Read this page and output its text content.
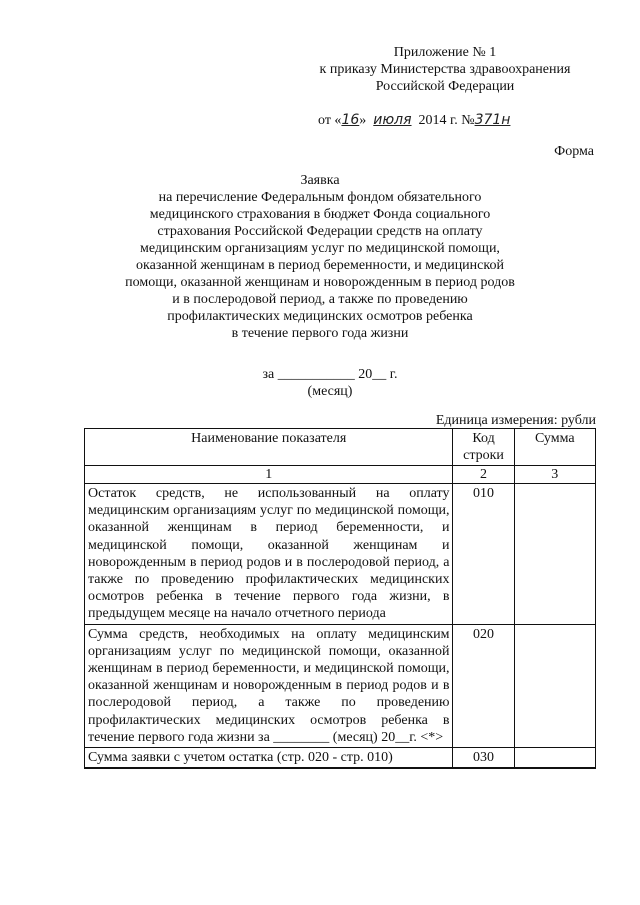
Приложение № 1
к приказу Министерства здравоохранения
Российской Федерации
от «16» июля 2014 г. №371н
Форма
Заявка
на перечисление Федеральным фондом обязательного
медицинского страхования в бюджет Фонда социального
страхования Российской Федерации средств на оплату
медицинским организациям услуг по медицинской помощи,
оказанной женщинам в период беременности, и медицинской
помощи, оказанной женщинам и новорожденным в период родов
и в послеродовой период, а также по проведению
профилактических медицинских осмотров ребенка
в течение первого года жизни
за ___________ 20__ г.
(месяц)
Единица измерения: рубли
Наименование показателя	Код строки	Сумма
1	2	3
Остаток средств, не использованный на оплату медицинским организациям услуг по медицинской помощи, оказанной женщинам в период беременности, и медицинской помощи, оказанной женщинам и новорожденным в период родов и в послеродовой период, а также по проведению профилактических медицинских осмотров ребенка в течение первого года жизни, в предыдущем месяце на начало отчетного периода	010	
Сумма средств, необходимых на оплату медицинским организациям услуг по медицинской помощи, оказанной женщинам в период беременности, и медицинской помощи, оказанной женщинам и новорожденным в период родов и в послеродовой период, а также по проведению профилактических медицинских осмотров ребенка в течение первого года жизни за ________ (месяц) 20__г. <*>	020	
Сумма заявки с учетом остатка (стр. 020 - стр. 010)	030	
